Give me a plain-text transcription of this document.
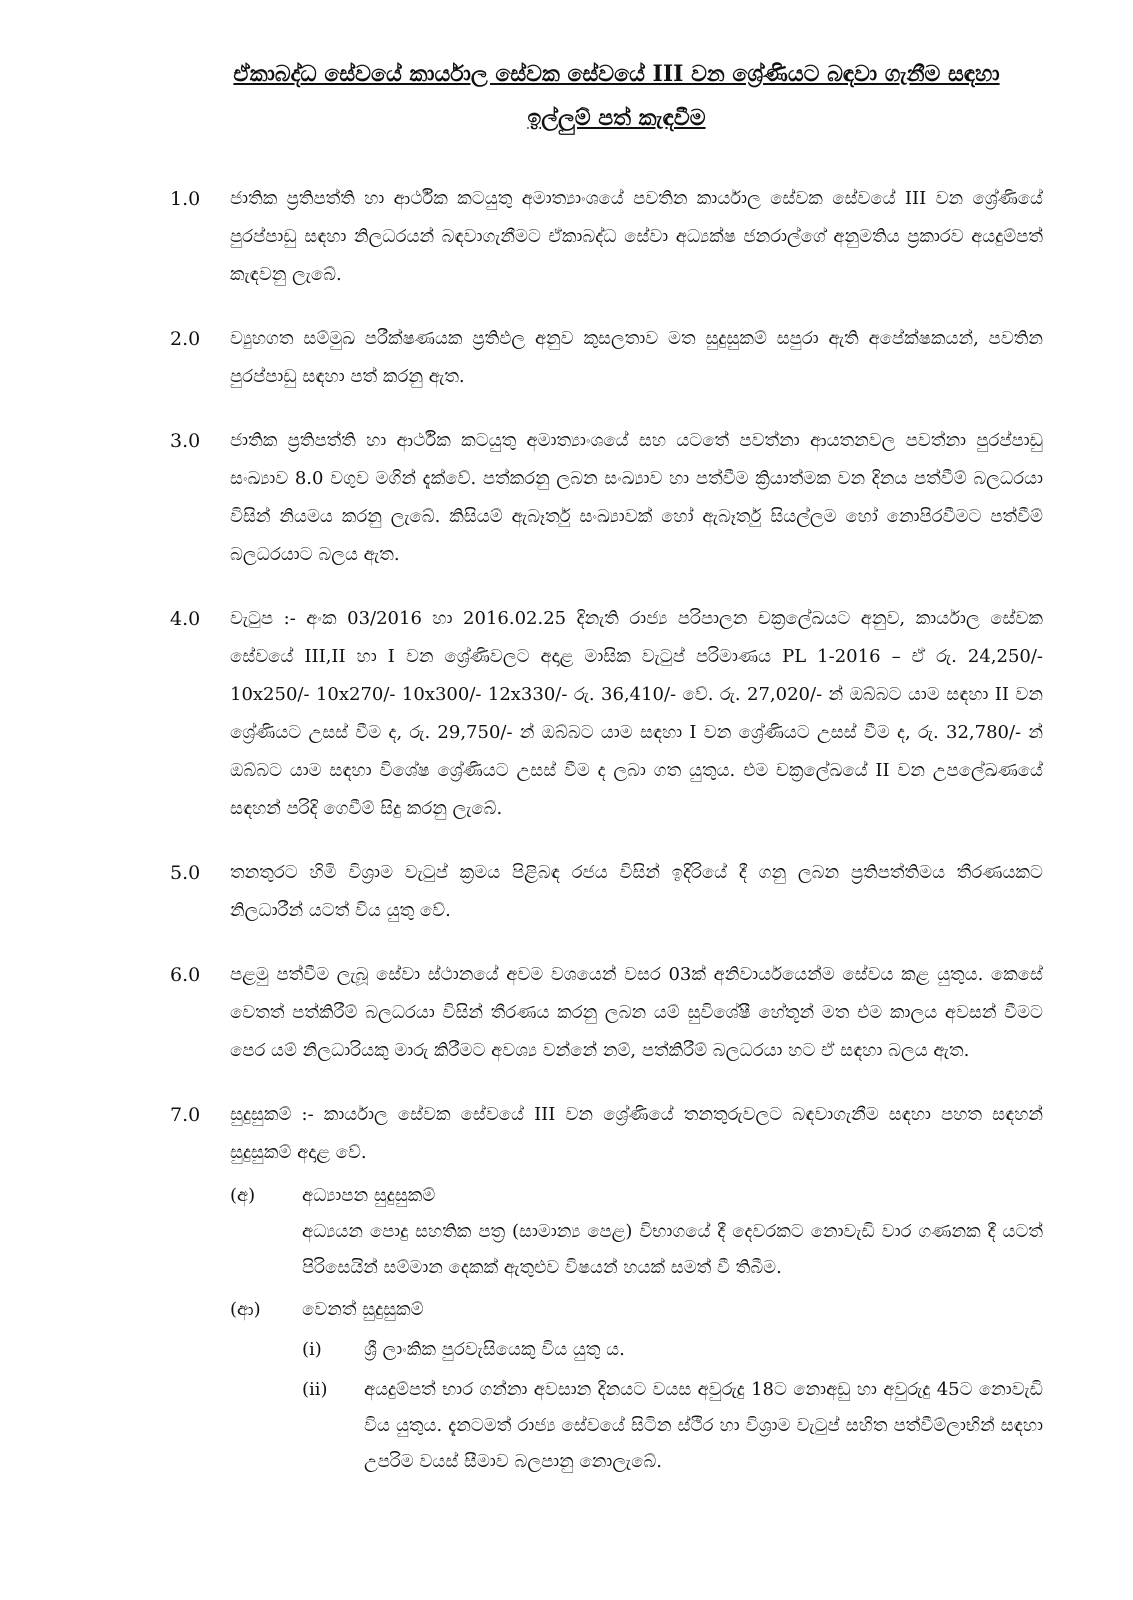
ඒකාබද්ධ සේවයේ කාර්යාල සේවක සේවයේ III වන ශ්‍රේණියට බඳවා ගැනීම සඳහා
ඉල්ලුම් පත් කැඳවීම
1.0	ජාතික ප්‍රතිපත්ති හා ආර්ථික කටයුතු අමාත්‍යාංශයේ පවතින කාර්යාල සේවක සේවයේ III වන ශ්‍රේණියේ පුරප්පාඩු සඳහා නිලධරයන් බඳවාගැනීමට ඒකාබද්ධ සේවා අධ්‍යක්ෂ ජනරාල්ගේ අනුමතිය ප්‍රකාරව අයදුම්පත් කැඳවනු ලැබේ.
2.0	ව්‍යුහගත සම්මුඛ පරීක්ෂණයක ප්‍රතිඵල අනුව කුසලතාව මත සුදුසුකම් සපුරා ඇති අපේක්ෂකයන්, පවතින පුරප්පාඩු සඳහා පත් කරනු ඇත.
3.0	ජාතික ප්‍රතිපත්ති හා ආර්ථික කටයුතු අමාත්‍යාංශයේ සහ යටතේ පවත්නා ආයතනවල පවත්නා පුරප්පාඩු සංඛ්‍යාව 8.0 වගුව මගින් දැක්වේ. පත්කරනු ලබන සංඛ්‍යාව හා පත්වීම ක්‍රියාත්මක වන දිනය පත්වීම් බලධරයා විසින් නියමය කරනු ලැබේ. කිසියම් ඇබෑර්තු සංඛ්‍යාවක් හෝ ඇබෑර්තු සියල්ලම හෝ නොපිරවීමට පත්වීම් බලධරයාට බලය ඇත.
4.0	වැටුප :- අංක 03/2016 හා 2016.02.25 දිනැති රාජ්‍ය පරිපාලන චක්‍රලේඛයට අනුව, කාර්යාල සේවක සේවයේ III,II හා I වන ශ්‍රේණිවලට අදාළ මාසික වැටුප් පරිමාණය PL 1-2016 – ඒ රු. 24,250/- 10x250/- 10x270/- 10x300/- 12x330/- රු. 36,410/- වේ. රු. 27,020/- න් ඔබ්බට යාම සඳහා II වන ශ්‍රේණියට උසස් වීම ද, රු. 29,750/- න් ඔබ්බට යාම සඳහා I වන ශ්‍රේණියට උසස් වීම ද, රු. 32,780/- න් ඔබ්බට යාම සඳහා විශේෂ ශ්‍රේණියට උසස් වීම ද ලබා ගත යුතුය. එම චක්‍රලේඛයේ II වන උපලේඛණයේ සඳහන් පරිදි ගෙවීම් සිදු කරනු ලැබේ.
5.0	තනතුරට හිමි විශ්‍රාම වැටුප් ක්‍රමය පිළිබඳ රජය විසින් ඉදිරියේ දී ගනු ලබන ප්‍රතිපත්තිමය තීරණයකට නිලධාරීන් යටත් විය යුතු වේ.
6.0	පළමු පත්වීම ලැබූ සේවා ස්ථානයේ අවම වශයෙන් වසර 03ක් අනිවාර්යයෙන්ම සේවය කළ යුතුය. කෙසේ වෙතත් පත්කිරීම් බලධරයා විසින් තීරණය කරනු ලබන යම් සුවිශේෂී හේතූන් මත එම කාලය අවසන් වීමට පෙර යම් නිලධාරියකු මාරු කිරීමට අවශ්‍ය වන්නේ නම්, පත්කිරීම් බලධරයා හට ඒ සඳහා බලය ඇත.
7.0	සුදුසුකම් :- කාර්යාල සේවක සේවයේ III වන ශ්‍රේණියේ තනතුරුවලට බඳවාගැනීම සඳහා පහත සඳහන් සුදුසුකම් අදාළ වේ.
(අ)	අධ්‍යාපන සුදුසුකම්
අධ්‍යයන පොදු සහතික පත්‍ර (සාමාන්‍ය පෙළ) විභාගයේ දී දෙවරකට නොවැඩි වාර ගණනක දී යටත් පිරිසෙයින් සම්මාන දෙකක් ඇතුළුව විෂයන් හයක් සමත් වී තිබීම.
(ආ)	වෙනත් සුදුසුකම්
(i)	ශ්‍රී ලාංකික පුරවැසියෙකු විය යුතු ය.
(ii)	අයදුම්පත් භාර ගන්නා අවසාන දිනයට වයස අවුරුදු 18ට නොඅඩු හා අවුරුදු 45ට නොවැඩි විය යුතුය. දැනටමත් රාජ්‍ය සේවයේ සිටින ස්ථිර හා විශ්‍රාම වැටුප් සහිත පත්වීම්ලාභින් සඳහා උපරිම වයස් සීමාව බලපානු නොලැබේ.
